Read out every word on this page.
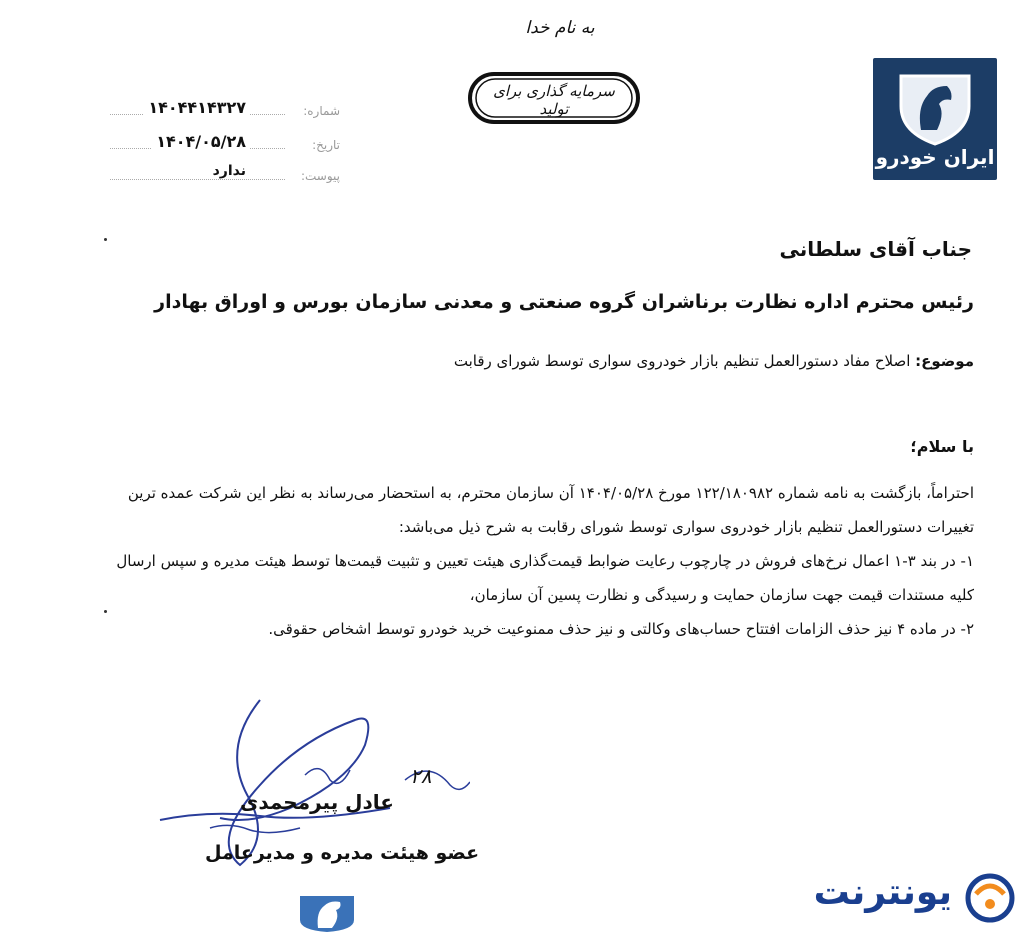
به نام خدا
سرمایه گذاری برای تولید
ایران خودرو
شماره:
۱۴۰۴۴۱۴۳۲۷
تاریخ:
۱۴۰۴/۰۵/۲۸
پیوست:
ندارد
جناب آقای سلطانی
رئیس محترم اداره نظارت برناشران گروه صنعتی و معدنی سازمان بورس و اوراق بهادار
موضوع: اصلاح مفاد دستورالعمل تنظیم بازار خودروی سواری توسط شورای رقابت
با سلام؛

احتراماً، بازگشت به نامه شماره ۱۲۲/۱۸۰۹۸۲ مورخ ۱۴۰۴/۰۵/۲۸ آن سازمان محترم، به استحضار می‌رساند به نظر این شرکت عمده ترین تغییرات دستورالعمل تنظیم بازار خودروی سواری توسط شورای رقابت به شرح ذیل می‌باشد:

۱- در بند ۳-۱ اعمال نرخ‌های فروش در چارچوب رعایت ضوابط قیمت‌گذاری هیئت تعیین و تثبیت قیمت‌ها توسط هیئت مدیره و سپس ارسال کلیه مستندات قیمت جهت سازمان حمایت و رسیدگی و نظارت پسین آن سازمان،

۲- در ماده ۴ نیز حذف الزامات افتتاح حساب‌های وکالتی و نیز حذف ممنوعیت خرید خودرو توسط اشخاص حقوقی.

۲۸
عادل پیرمحمدی
عضو هیئت مدیره و مدیرعامل
یونترنت
